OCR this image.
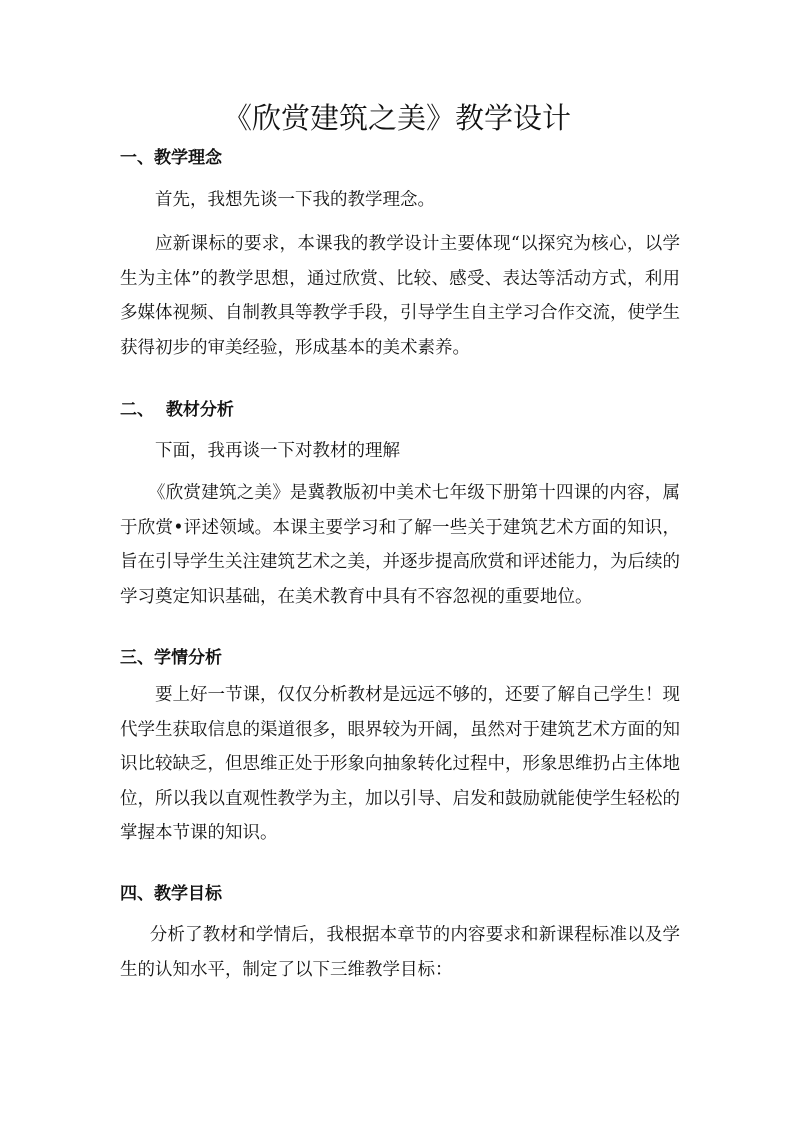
《欣赏建筑之美》教学设计
一、教学理念
首先，我想先谈一下我的教学理念。
应新课标的要求，本课我的教学设计主要体现“以探究为核心，以学生为主体”的教学思想，通过欣赏、比较、感受、表达等活动方式，利用多媒体视频、自制教具等教学手段，引导学生自主学习合作交流，使学生获得初步的审美经验，形成基本的美术素养。
二、  教材分析
下面，我再谈一下对教材的理解
《欣赏建筑之美》是冀教版初中美术七年级下册第十四课的内容，属于欣赏•评述领域。本课主要学习和了解一些关于建筑艺术方面的知识，旨在引导学生关注建筑艺术之美，并逐步提高欣赏和评述能力，为后续的学习奠定知识基础，在美术教育中具有不容忽视的重要地位。
三、学情分析
要上好一节课，仅仅分析教材是远远不够的，还要了解自己学生！现代学生获取信息的渠道很多，眼界较为开阔，虽然对于建筑艺术方面的知识比较缺乏，但思维正处于形象向抽象转化过程中，形象思维扔占主体地位，所以我以直观性教学为主，加以引导、启发和鼓励就能使学生轻松的掌握本节课的知识。
四、教学目标
分析了教材和学情后，我根据本章节的内容要求和新课程标准以及学生的认知水平，制定了以下三维教学目标：
